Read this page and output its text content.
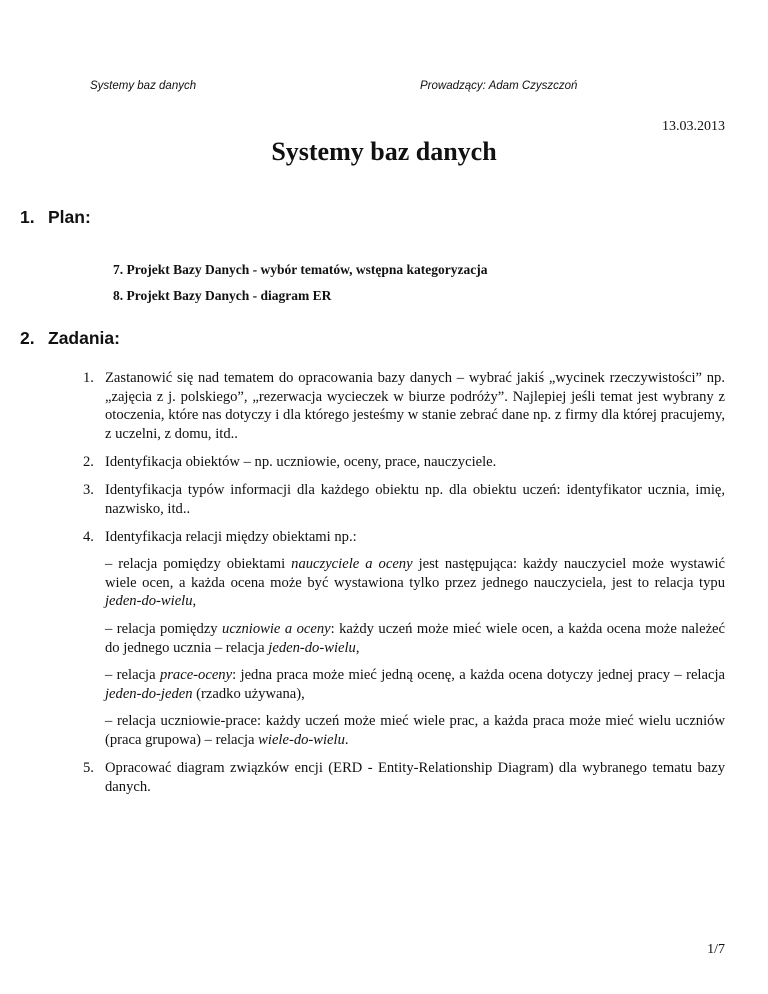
Systemy baz danych	Prowadzący: Adam Czyszczoń
13.03.2013
Systemy baz danych
1. Plan:
7. Projekt Bazy Danych - wybór tematów, wstępna kategoryzacja
8. Projekt Bazy Danych - diagram ER
2. Zadania:
1. Zastanowić się nad tematem do opracowania bazy danych – wybrać jakiś „wycinek rzeczywistości” np. „zajęcia z j. polskiego”, „rezerwacja wycieczek w biurze podróży”. Najlepiej jeśli temat jest wybrany z otoczenia, które nas dotyczy i dla którego jesteśmy w stanie zebrać dane np. z firmy dla której pracujemy, z uczelni, z domu, itd..
2. Identyfikacja obiektów – np. uczniowie, oceny, prace, nauczyciele.
3. Identyfikacja typów informacji dla każdego obiektu np. dla obiektu uczeń: identyfikator ucznia, imię, nazwisko, itd..
4. Identyfikacja relacji między obiektami np.:

– relacja pomiędzy obiektami nauczyciele a oceny jest następująca: każdy nauczyciel może wystawić wiele ocen, a każda ocena może być wystawiona tylko przez jednego nauczyciela, jest to relacja typu jeden-do-wielu,

– relacja pomiędzy uczniowie a oceny: każdy uczeń może mieć wiele ocen, a każda ocena może należeć do jednego ucznia – relacja jeden-do-wielu,

– relacja prace-oceny: jedna praca może mieć jedną ocenę, a każda ocena dotyczy jednej pracy – relacja jeden-do-jeden (rzadko używana),

– relacja uczniowie-prace: każdy uczeń może mieć wiele prac, a każda praca może mieć wielu uczniów (praca grupowa) – relacja wiele-do-wielu.

5. Opracować diagram związków encji (ERD - Entity-Relationship Diagram) dla wybranego tematu bazy danych.
1/7
